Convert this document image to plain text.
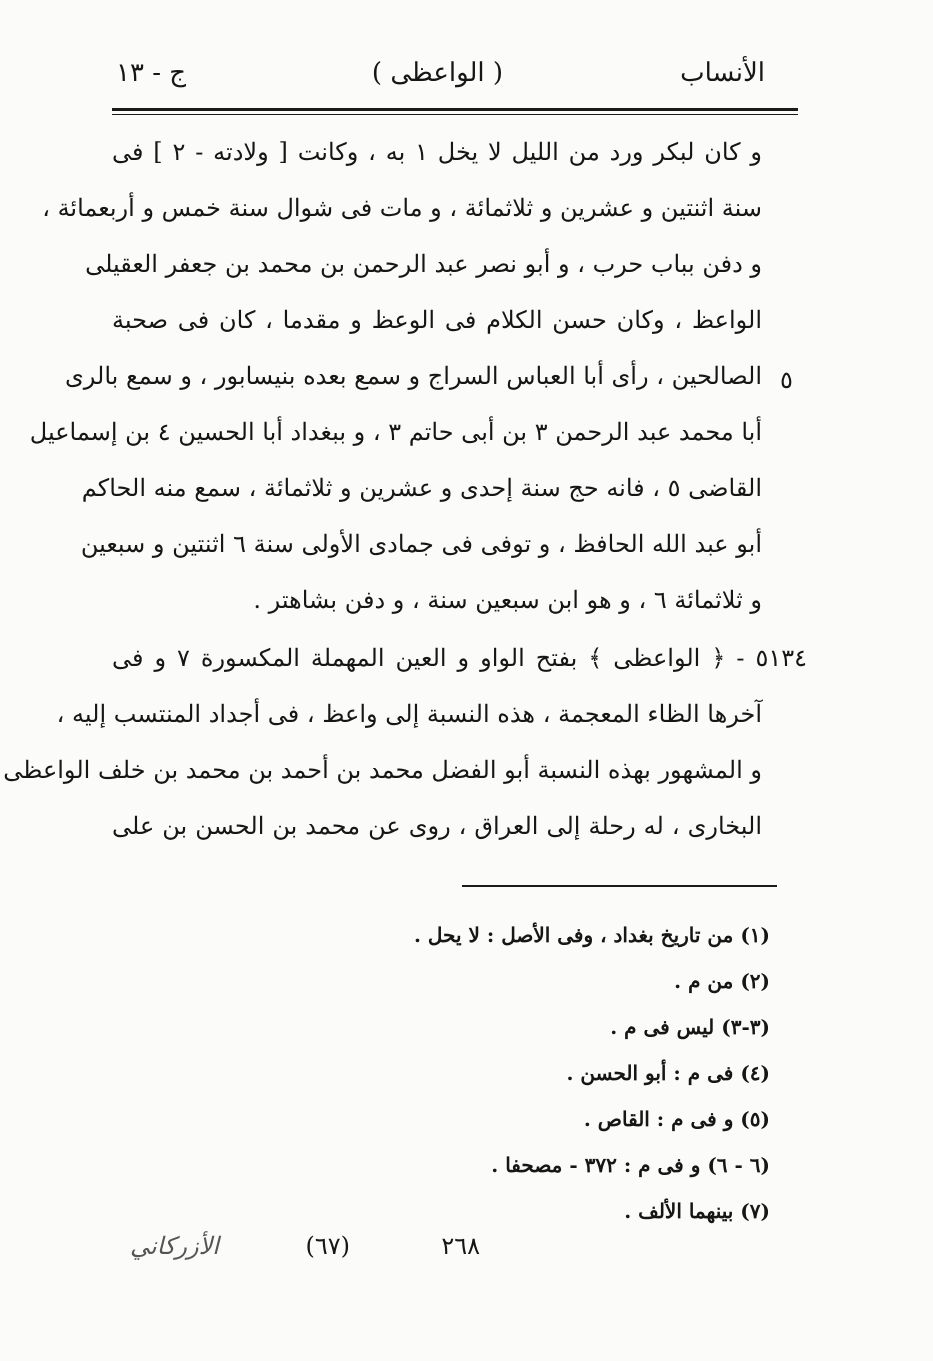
الأنساب
( الواعظى )
ج - ١٣
و كان لبكر ورد من الليل لا يخل ١ به ، وكانت [ ولادته - ٢ ] فى
سنة اثنتين و عشرين و ثلاثمائة ، و مات فى شوال سنة خمس و أربعمائة ،
و دفن بباب حرب ، و أبو نصر عبد الرحمن بن محمد بن جعفر العقيلى
الواعظ ، وكان حسن الكلام فى الوعظ و مقدما ، كان فى صحبة
الصالحين ، رأى أبا العباس السراج و سمع بعده بنيسابور ، و سمع بالرى
أبا محمد عبد الرحمن ٣ بن أبى حاتم ٣ ، و ببغداد أبا الحسين ٤ بن إسماعيل
القاضى ٥ ، فانه حج سنة إحدى و عشرين و ثلاثمائة ، سمع منه الحاكم
أبو عبد الله الحافظ ، و توفى فى جمادى الأولى سنة ٦ اثنتين و سبعين
و ثلاثمائة ٦ ، و هو ابن سبعين سنة ، و دفن بشاهتر .
٥١٣٤ - ﴿ الواعظى ﴾ بفتح الواو و العين المهملة المكسورة ٧ و فى
آخرها الظاء المعجمة ، هذه النسبة إلى واعظ ، فى أجداد المنتسب إليه ،
و المشهور بهذه النسبة أبو الفضل محمد بن أحمد بن محمد بن خلف الواعظى
البخارى ، له رحلة إلى العراق ، روى عن محمد بن الحسن بن على
٥
(١) من تاريخ بغداد ، وفى الأصل : لا يحل .
(٢) من م .
(٣-٣) ليس فى م .
(٤) فى م : أبو الحسن .
(٥) و فى م : القاص .
(٦ - ٦) و فى م : ٣٧٢ - مصحفا .
(٧) بينهما الألف .
٢٦٨
(٦٧)
الأزركاني
